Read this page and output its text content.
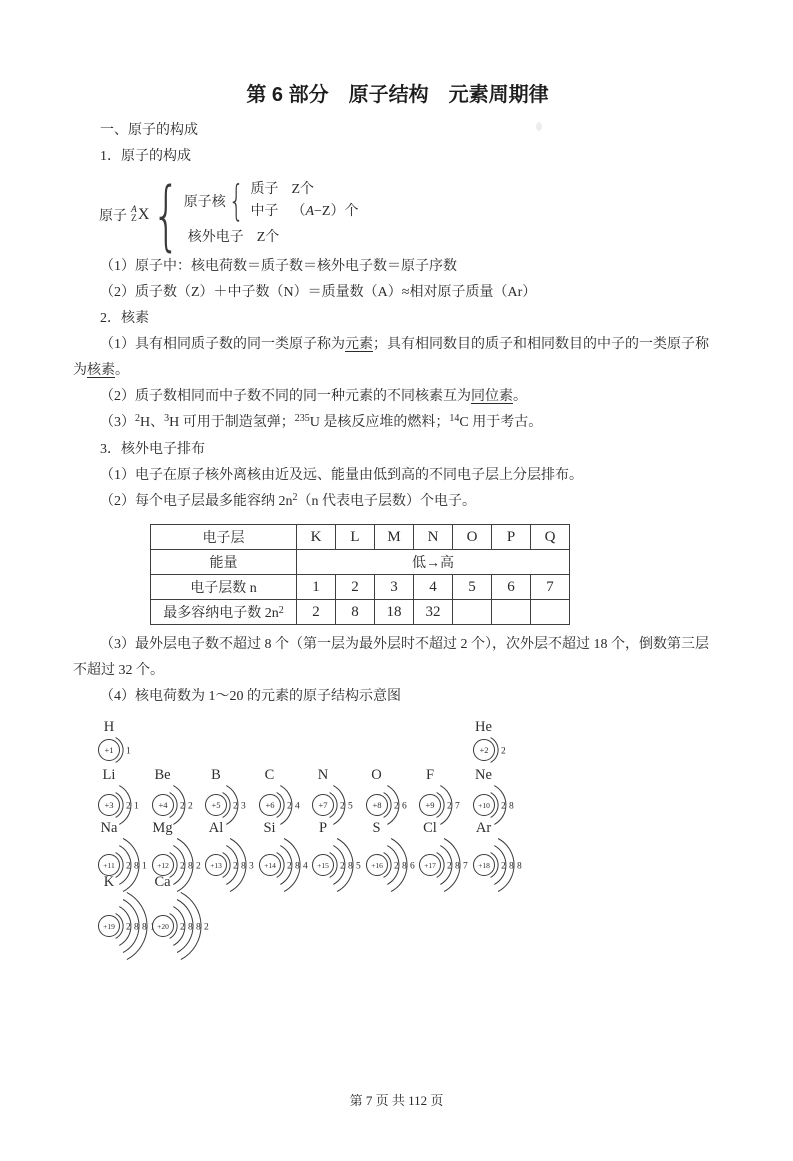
第 6 部分　原子结构　元素周期律

一、原子的构成

1．原子的构成

原子 A
Z X { 原子核 { 质子 Z个
中子 （A−Z）个
核外电子 Z个

（1）原子中：核电荷数＝质子数＝核外电子数＝原子序数

（2）质子数（Z）＋中子数（N）＝质量数（A）≈相对原子质量（Ar）

2．核素

（1）具有相同质子数的同一类原子称为元素；具有相同数目的质子和相同数目的中子的一类原子称为核素。

（2）质子数相同而中子数不同的同一种元素的不同核素互为同位素。

$(3)^2H$、$^3$H 可用于制造氢弹；$^{235}$U 是核反应堆的燃料；$^{14}$C 用于考古。

3．核外电子排布

（1）电子在原子核外离核由近及远、能量由低到高的不同电子层上分层排布。

（2）每个电子层最多能容纳 $2n^2(n$ 代表电子层数）个电子。

电子层	K	L	M	N	O	P	Q
能量	低→高						
电子层数 n	1	2	3	4	5	6	7
最多容纳电子数 $2n^2$	2	8	18	32			

（3）最外层电子数不超过 8 个（第一层为最外层时不超过 2 个），次外层不超过 18 个，倒数第三层不超过 32 个。

（4）核电荷数为 1～20 的元素的原子结构示意图

H
+1 1
He
+2 2
Li
+3 2 1
Be
+4 2 2
B
+5 2 3
C
+6 2 4
N
+7 2 5
O
+8 2 6
F
+9 2 7
Ne
+10 2 8
Na
+11 2 8 1
Mg
+12 2 8 2
Al
+13 2 8 3
Si
+14 2 8 4
P
+15 2 8 5
S
+16 2 8 6
Cl
+17 2 8 7
Ar
+18 2 8 8
K
+19 2 8 8 1
Ca
+20 2 8 8 2
第 7 页 共 112 页
